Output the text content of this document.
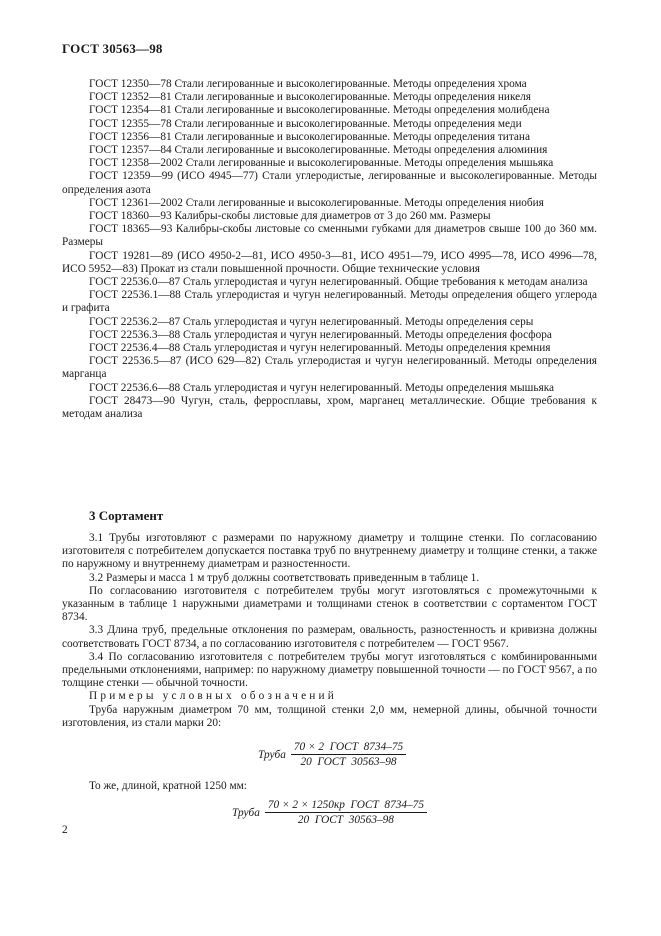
ГОСТ 30563—98

ГОСТ 12350—78 Стали легированные и высоколегированные. Методы определения хрома

ГОСТ 12352—81 Стали легированные и высоколегированные. Методы определения никеля

ГОСТ 12354—81 Стали легированные и высоколегированные. Методы определения молибдена

ГОСТ 12355—78 Стали легированные и высоколегированные. Методы определения меди

ГОСТ 12356—81 Стали легированные и высоколегированные. Методы определения титана

ГОСТ 12357—84 Стали легированные и высоколегированные. Методы определения алюминия

ГОСТ 12358—2002 Стали легированные и высоколегированные. Методы определения мышьяка

ГОСТ 12359—99 (ИСО 4945—77) Стали углеродистые, легированные и высоколегированные. Методы определения азота

ГОСТ 12361—2002 Стали легированные и высоколегированные. Методы определения ниобия

ГОСТ 18360—93 Калибры-скобы листовые для диаметров от 3 до 260 мм. Размеры

ГОСТ 18365—93 Калибры-скобы листовые со сменными губками для диаметров свыше 100 до 360 мм. Размеры

ГОСТ 19281—89 (ИСО 4950-2—81, ИСО 4950-3—81, ИСО 4951—79, ИСО 4995—78, ИСО 4996—78, ИСО 5952—83) Прокат из стали повышенной прочности. Общие технические условия

ГОСТ 22536.0—87 Сталь углеродистая и чугун нелегированный. Общие требования к методам анализа

ГОСТ 22536.1—88 Сталь углеродистая и чугун нелегированный. Методы определения общего углерода и графита

ГОСТ 22536.2—87 Сталь углеродистая и чугун нелегированный. Методы определения серы

ГОСТ 22536.3—88 Сталь углеродистая и чугун нелегированный. Методы определения фосфора

ГОСТ 22536.4—88 Сталь углеродистая и чугун нелегированный. Методы определения кремния

ГОСТ 22536.5—87 (ИСО 629—82) Сталь углеродистая и чугун нелегированный. Методы определения марганца

ГОСТ 22536.6—88 Сталь углеродистая и чугун нелегированный. Методы определения мышьяка

ГОСТ 28473—90 Чугун, сталь, ферросплавы, хром, марганец металлические. Общие требования к методам анализа

3 Сортамент

3.1 Трубы изготовляют с размерами по наружному диаметру и толщине стенки. По согласованию изготовителя с потребителем допускается поставка труб по внутреннему диаметру и толщине стенки, а также по наружному и внутреннему диаметрам и разностенности.

3.2 Размеры и масса 1 м труб должны соответствовать приведенным в таблице 1.

По согласованию изготовителя с потребителем трубы могут изготовляться с промежуточными к указанным в таблице 1 наружными диаметрами и толщинами стенок в соответствии с сортаментом ГОСТ 8734.

3.3 Длина труб, предельные отклонения по размерам, овальность, разностенность и кривизна должны соответствовать ГОСТ 8734, а по согласованию изготовителя с потребителем — ГОСТ 9567.

3.4 По согласованию изготовителя с потребителем трубы могут изготовляться с комбинированными предельными отклонениями, например: по наружному диаметру повышенной точности — по ГОСТ 9567, а по толщине стенки — обычной точности.

Примеры условных обозначений

Труба наружным диаметром 70 мм, толщиной стенки 2,0 мм, немерной длины, обычной точности изготовления, из стали марки 20:

Труба $\frac{\text{70 × 2  ГОСТ  8734–75}}{\text{20  ГОСТ  30563–98}}$
То же, длиной, кратной 1250 мм:
Труба $\frac{\text{70 × 2 × 1250кр  ГОСТ  8734–75}}{\text{20  ГОСТ  30563–98}}$
2
